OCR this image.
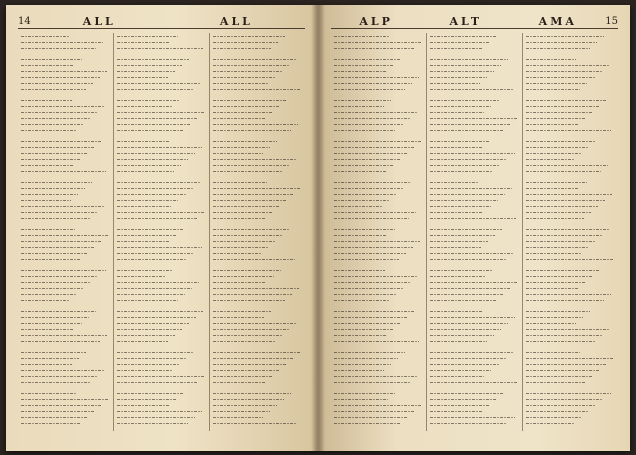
14	ALL	ALL	ALP	ALT	AMA	15
